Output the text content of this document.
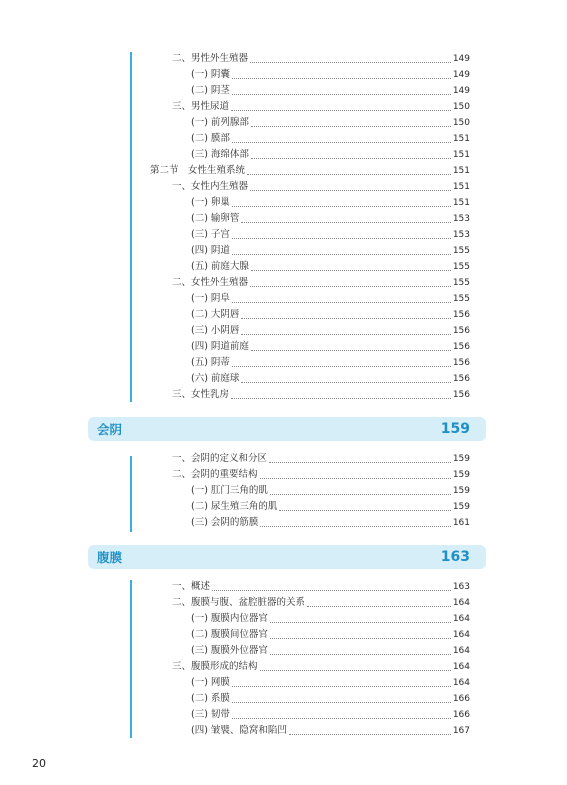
二、男性外生殖器	149
(一) 阴囊	149
(二) 阴茎	149
三、男性尿道	150
(一) 前列腺部	150
(二) 膜部	151
(三) 海绵体部	151
第二节　女性生殖系统	151
一、女性内生殖器	151
(一) 卵巢	151
(二) 输卵管	153
(三) 子宫	153
(四) 阴道	155
(五) 前庭大腺	155
二、女性外生殖器	155
(一) 阴阜	155
(二) 大阴唇	156
(三) 小阴唇	156
(四) 阴道前庭	156
(五) 阴蒂	156
(六) 前庭球	156
三、女性乳房	156
会阴	159
一、会阴的定义和分区	159
二、会阴的重要结构	159
(一) 肛门三角的肌	159
(二) 尿生殖三角的肌	159
(三) 会阴的筋膜	161
腹膜	163
一、概述	163
二、腹膜与腹、盆腔脏器的关系	164
(一) 腹膜内位器官	164
(二) 腹膜间位器官	164
(三) 腹膜外位器官	164
三、腹膜形成的结构	164
(一) 网膜	164
(二) 系膜	166
(三) 韧带	166
(四) 皱襞、隐窝和陷凹	167
20
